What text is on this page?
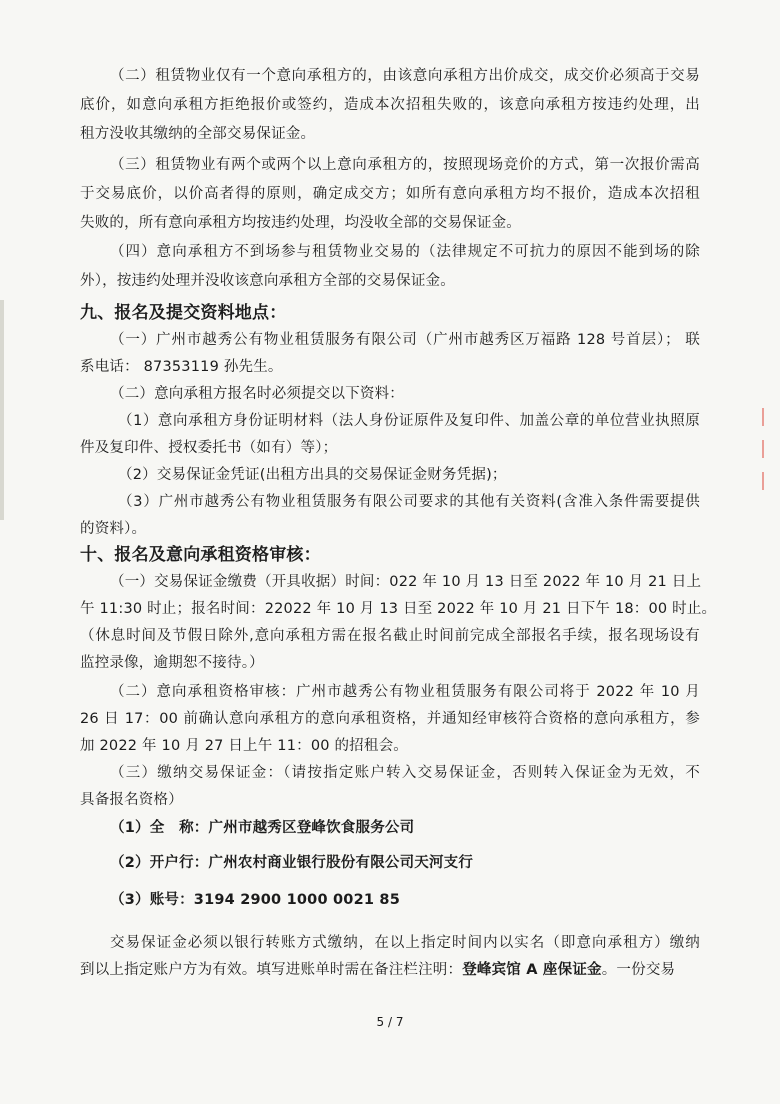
（二）租赁物业仅有一个意向承租方的，由该意向承租方出价成交，成交价必须高于交易

底价，如意向承租方拒绝报价或签约，造成本次招租失败的，该意向承租方按违约处理，出

租方没收其缴纳的全部交易保证金。

（三）租赁物业有两个或两个以上意向承租方的，按照现场竞价的方式，第一次报价需高

于交易底价，以价高者得的原则，确定成交方；如所有意向承租方均不报价，造成本次招租

失败的，所有意向承租方均按违约处理，均没收全部的交易保证金。

（四）意向承租方不到场参与租赁物业交易的（法律规定不可抗力的原因不能到场的除

外），按违约处理并没收该意向承租方全部的交易保证金。

九、报名及提交资料地点：

（一）广州市越秀公有物业租赁服务有限公司（广州市越秀区万福路 128 号首层）； 联

系电话： 87353119 孙先生。

（二）意向承租方报名时必须提交以下资料：

（1）意向承租方身份证明材料（法人身份证原件及复印件、加盖公章的单位营业执照原

件及复印件、授权委托书（如有）等）；

（2）交易保证金凭证(出租方出具的交易保证金财务凭据)；

（3）广州市越秀公有物业租赁服务有限公司要求的其他有关资料(含准入条件需要提供

的资料）。

十、报名及意向承租资格审核：

（一）交易保证金缴费（开具收据）时间：022 年 10 月 13 日至 2022 年 10 月 21 日上

午 11:30 时止；报名时间：22022 年 10 月 13 日至 2022 年 10 月 21 日下午 18：00 时止。

（休息时间及节假日除外,意向承租方需在报名截止时间前完成全部报名手续，报名现场设有

监控录像，逾期恕不接待。）

（二）意向承租资格审核：广州市越秀公有物业租赁服务有限公司将于 2022 年 10 月

26 日 17：00 前确认意向承租方的意向承租资格，并通知经审核符合资格的意向承租方，参

加 2022 年 10 月 27 日上午 11：00 的招租会。

（三）缴纳交易保证金：（请按指定账户转入交易保证金，否则转入保证金为无效，不

具备报名资格）

（1）全　称：广州市越秀区登峰饮食服务公司

（2）开户行：广州农村商业银行股份有限公司天河支行

（3）账号：3194 2900 1000 0021 85

交易保证金必须以银行转账方式缴纳，在以上指定时间内以实名（即意向承租方）缴纳

到以上指定账户方为有效。填写进账单时需在备注栏注明：登峰宾馆 A 座保证金。一份交易

5 / 7
